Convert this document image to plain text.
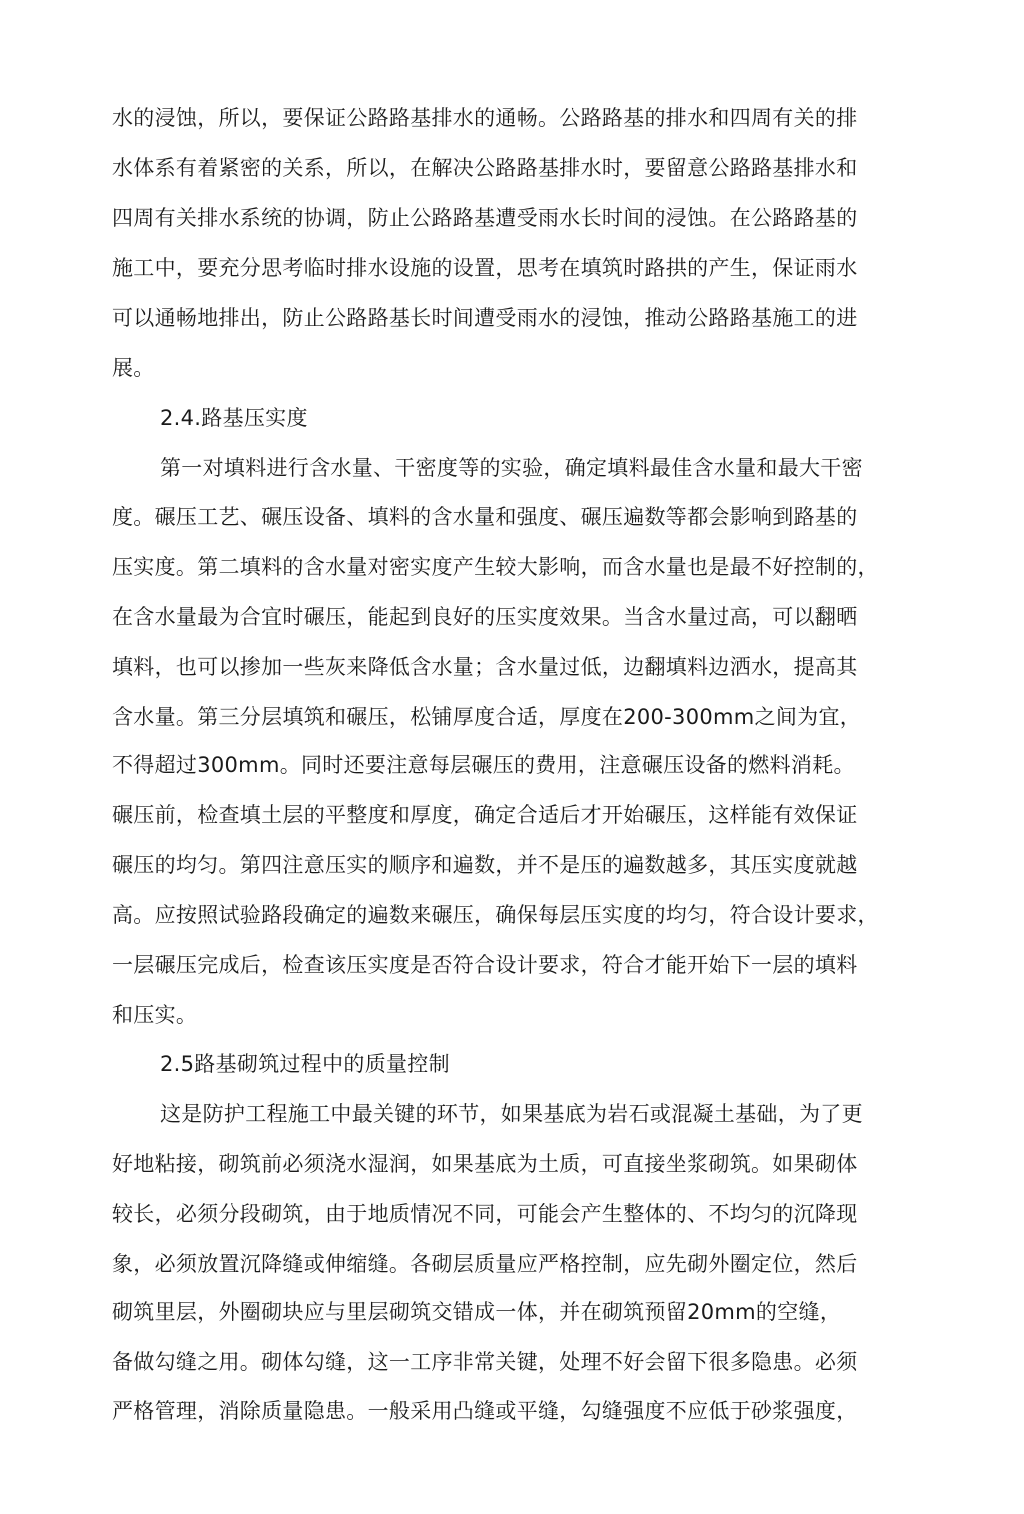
水的浸蚀，所以，要保证公路路基排水的通畅。公路路基的排水和四周有关的排
水体系有着紧密的关系，所以，在解决公路路基排水时，要留意公路路基排水和
四周有关排水系统的协调，防止公路路基遭受雨水长时间的浸蚀。在公路路基的
施工中，要充分思考临时排水设施的设置，思考在填筑时路拱的产生，保证雨水
可以通畅地排出，防止公路路基长时间遭受雨水的浸蚀，推动公路路基施工的进
展。
2.4.路基压实度
第一对填料进行含水量、干密度等的实验，确定填料最佳含水量和最大干密
度。碾压工艺、碾压设备、填料的含水量和强度、碾压遍数等都会影响到路基的
压实度。第二填料的含水量对密实度产生较大影响，而含水量也是最不好控制的，
在含水量最为合宜时碾压，能起到良好的压实度效果。当含水量过高，可以翻晒
填料，也可以掺加一些灰来降低含水量；含水量过低，边翻填料边洒水，提高其
含水量。第三分层填筑和碾压，松铺厚度合适，厚度在200-300mm之间为宜，
不得超过300mm。同时还要注意每层碾压的费用，注意碾压设备的燃料消耗。
碾压前，检查填土层的平整度和厚度，确定合适后才开始碾压，这样能有效保证
碾压的均匀。第四注意压实的顺序和遍数，并不是压的遍数越多，其压实度就越
高。应按照试验路段确定的遍数来碾压，确保每层压实度的均匀，符合设计要求，
一层碾压完成后，检查该压实度是否符合设计要求，符合才能开始下一层的填料
和压实。
2.5路基砌筑过程中的质量控制
这是防护工程施工中最关键的环节，如果基底为岩石或混凝土基础，为了更
好地粘接，砌筑前必须浇水湿润，如果基底为土质，可直接坐浆砌筑。如果砌体
较长，必须分段砌筑，由于地质情况不同，可能会产生整体的、不均匀的沉降现
象，必须放置沉降缝或伸缩缝。各砌层质量应严格控制，应先砌外圈定位，然后
砌筑里层，外圈砌块应与里层砌筑交错成一体，并在砌筑预留20mm的空缝，
备做勾缝之用。砌体勾缝，这一工序非常关键，处理不好会留下很多隐患。必须
严格管理，消除质量隐患。一般采用凸缝或平缝，勾缝强度不应低于砂浆强度，
